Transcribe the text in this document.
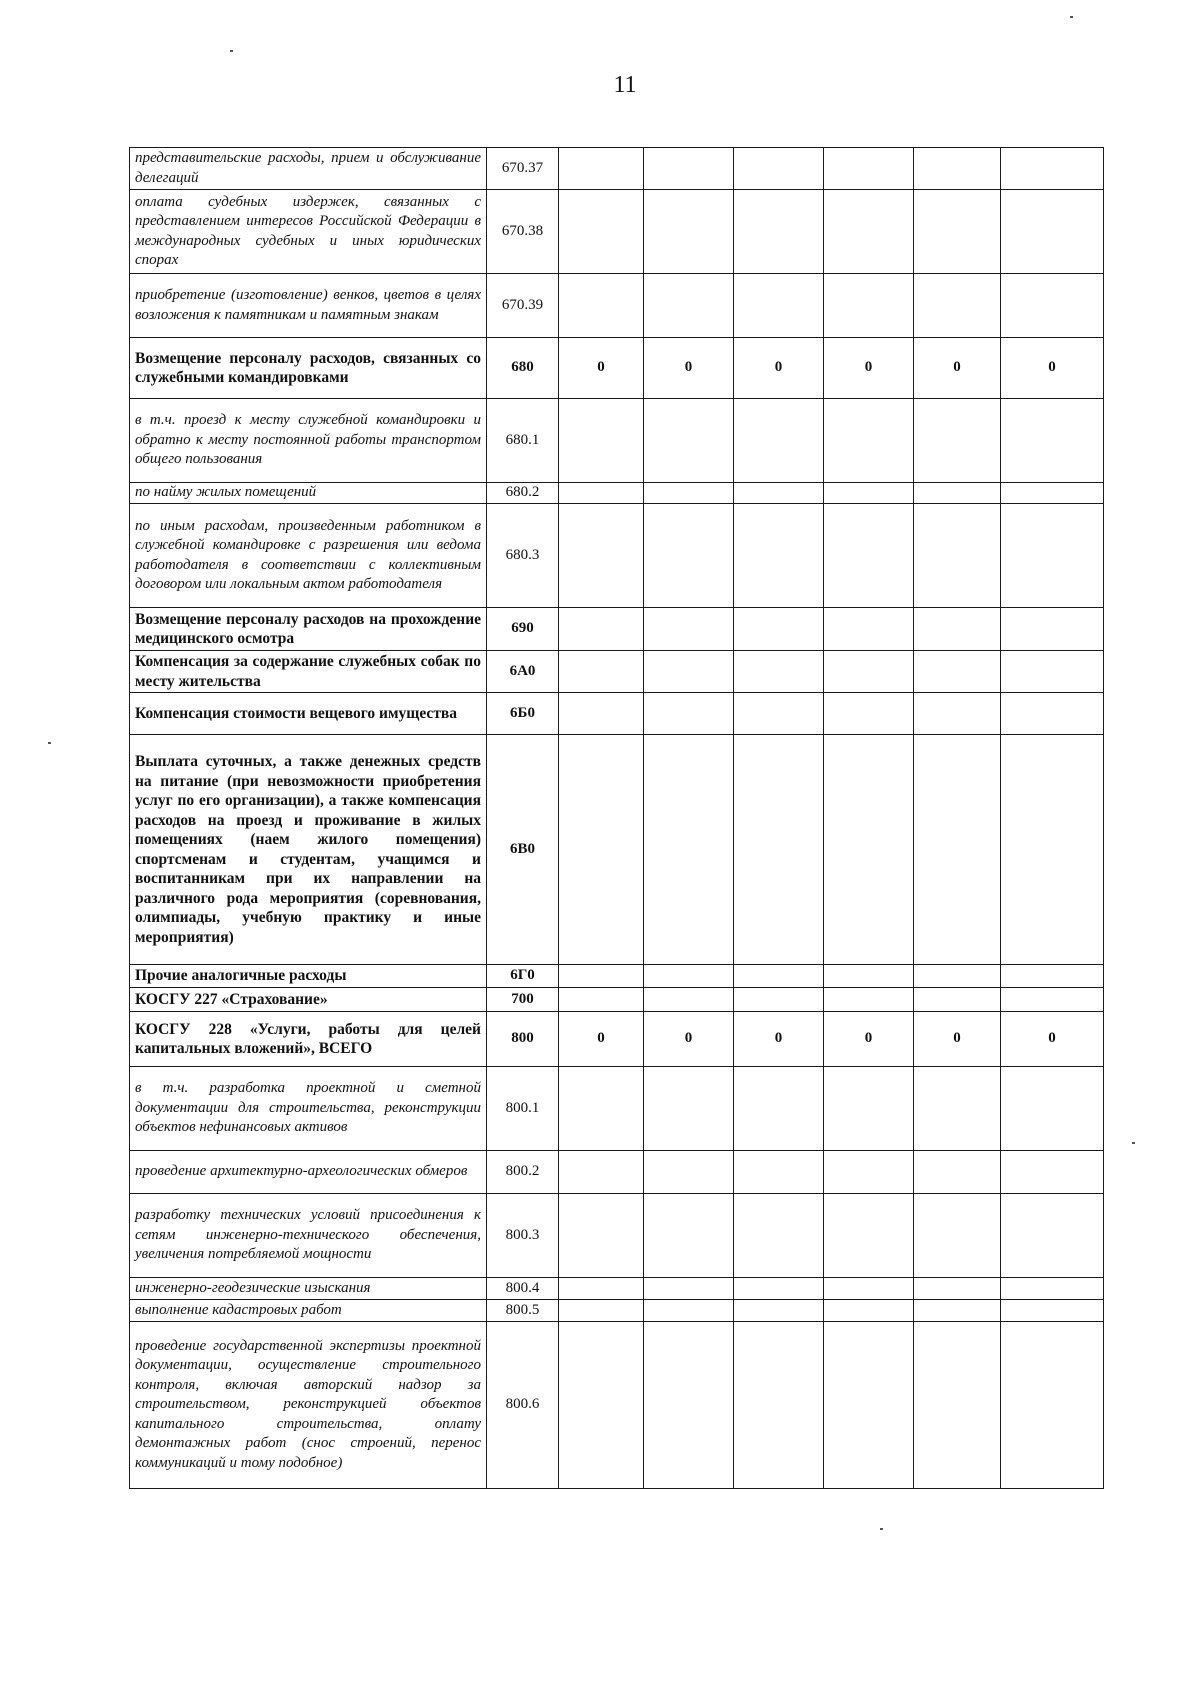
11
представительские расходы, прием и обслуживание делегаций	670.37						
оплата судебных издержек, связанных с представлением интересов Российской Федерации в международных судебных и иных юридических спорах	670.38						
приобретение (изготовление) венков, цветов в целях возложения к памятникам и памятным знакам	670.39						
Возмещение персоналу расходов, связанных со служебными командировками	680	0	0	0	0	0	0
в т.ч. проезд к месту служебной командировки и обратно к месту постоянной работы транспортом общего пользования	680.1						
по найму жилых помещений	680.2						
по иным расходам, произведенным работником в служебной командировке с разрешения или ведома работодателя в соответствии с коллективным договором или локальным актом работодателя	680.3						
Возмещение персоналу расходов на прохождение медицинского осмотра	690						
Компенсация за содержание служебных собак по месту жительства	6А0						
Компенсация стоимости вещевого имущества	6Б0						
Выплата суточных, а также денежных средств на питание (при невозможности приобретения услуг по его организации), а также компенсация расходов на проезд и проживание в жилых помещениях (наем жилого помещения) спортсменам и студентам, учащимся и воспитанникам при их направлении на различного рода мероприятия (соревнования, олимпиады, учебную практику и иные мероприятия)	6В0						
Прочие аналогичные расходы	6Г0						
КОСГУ 227 «Страхование»	700						
КОСГУ 228 «Услуги, работы для целей капитальных вложений», ВСЕГО	800	0	0	0	0	0	0
в т.ч. разработка проектной и сметной документации для строительства, реконструкции объектов нефинансовых активов	800.1						
проведение архитектурно-археологических обмеров	800.2						
разработку технических условий присоединения к сетям инженерно-технического обеспечения, увеличения потребляемой мощности	800.3						
инженерно-геодезические изыскания	800.4						
выполнение кадастровых работ	800.5						
проведение государственной экспертизы проектной документации, осуществление строительного контроля, включая авторский надзор за строительством, реконструкцией объектов капитального строительства, оплату демонтажных работ (снос строений, перенос коммуникаций и тому подобное)	800.6						
